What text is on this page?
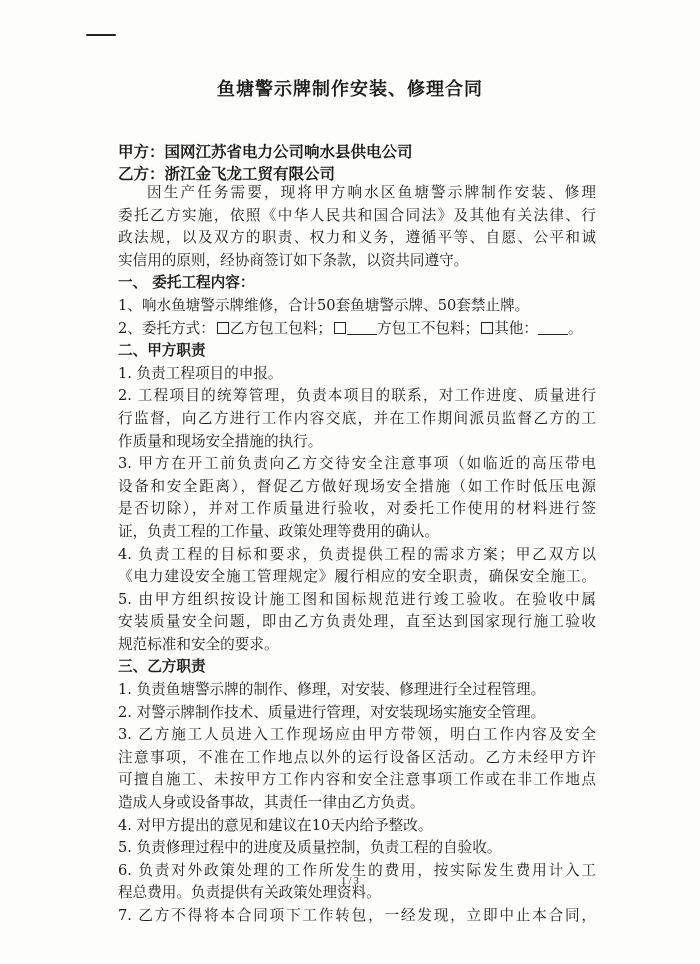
鱼塘警示牌制作安装、修理合同
甲方：国网江苏省电力公司响水县供电公司
乙方：浙江金飞龙工贸有限公司
因生产任务需要，现将甲方响水区鱼塘警示牌制作安装、修理
委托乙方实施，依照《中华人民共和国合同法》及其他有关法律、行
政法规，以及双方的职责、权力和义务，遵循平等、自愿、公平和诚
实信用的原则，经协商签订如下条款，以资共同遵守。
一、 委托工程内容：
1、响水鱼塘警示牌维修，合计50套鱼塘警示牌、50套禁止牌。
2、委托方式： 乙方包工包料；	方包工不包料； 其他： 。
二、甲方职责
1. 负责工程项目的申报。
2. 工程项目的统筹管理，负责本项目的联系，对工作进度、质量进行
行监督，向乙方进行工作内容交底，并在工作期间派员监督乙方的工
作质量和现场安全措施的执行。
3. 甲方在开工前负责向乙方交待安全注意事项（如临近的高压带电
设备和安全距离），督促乙方做好现场安全措施（如工作时低压电源
是否切除），并对工作质量进行验收，对委托工作使用的材料进行签
证，负责工程的工作量、政策处理等费用的确认。
4. 负责工程的目标和要求，负责提供工程的需求方案；甲乙双方以
《电力建设安全施工管理规定》履行相应的安全职责，确保安全施工。
5. 由甲方组织按设计施工图和国标规范进行竣工验收。在验收中属
安装质量安全问题，即由乙方负责处理，直至达到国家现行施工验收
规范标准和安全的要求。
三、乙方职责
1. 负责鱼塘警示牌的制作、修理，对安装、修理进行全过程管理。
2. 对警示牌制作技术、质量进行管理，对安装现场实施安全管理。
3. 乙方施工人员进入工作现场应由甲方带领，明白工作内容及安全
注意事项，不准在工作地点以外的运行设备区活动。乙方未经甲方许
可擅自施工、未按甲方工作内容和安全注意事项工作或在非工作地点
造成人身或设备事故，其责任一律由乙方负责。
4. 对甲方提出的意见和建议在10天内给予整改。
5. 负责修理过程中的进度及质量控制，负责工程的自验收。
6. 负责对外政策处理的工作所发生的费用，按实际发生费用计入工
程总费用。负责提供有关政策处理资料。
7. 乙方不得将本合同项下工作转包，一经发现，立即中止本合同，
1 / 3
